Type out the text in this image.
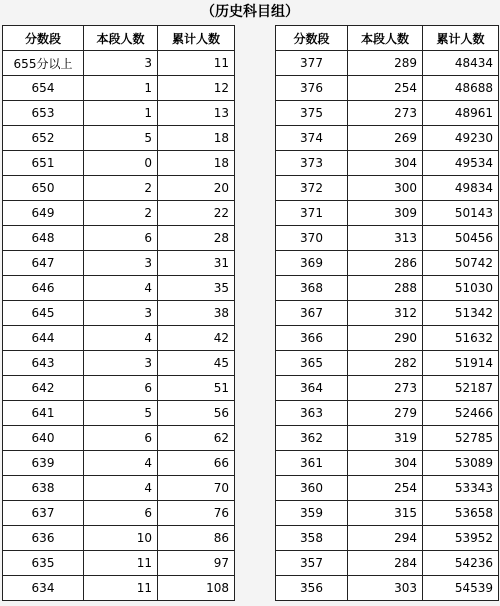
（历史科目组）
分数段	本段人数	累计人数
655分以上	3	11
654	1	12
653	1	13
652	5	18
651	0	18
650	2	20
649	2	22
648	6	28
647	3	31
646	4	35
645	3	38
644	4	42
643	3	45
642	6	51
641	5	56
640	6	62
639	4	66
638	4	70
637	6	76
636	10	86
635	11	97
634	11	108
分数段	本段人数	累计人数
377	289	48434
376	254	48688
375	273	48961
374	269	49230
373	304	49534
372	300	49834
371	309	50143
370	313	50456
369	286	50742
368	288	51030
367	312	51342
366	290	51632
365	282	51914
364	273	52187
363	279	52466
362	319	52785
361	304	53089
360	254	53343
359	315	53658
358	294	53952
357	284	54236
356	303	54539
